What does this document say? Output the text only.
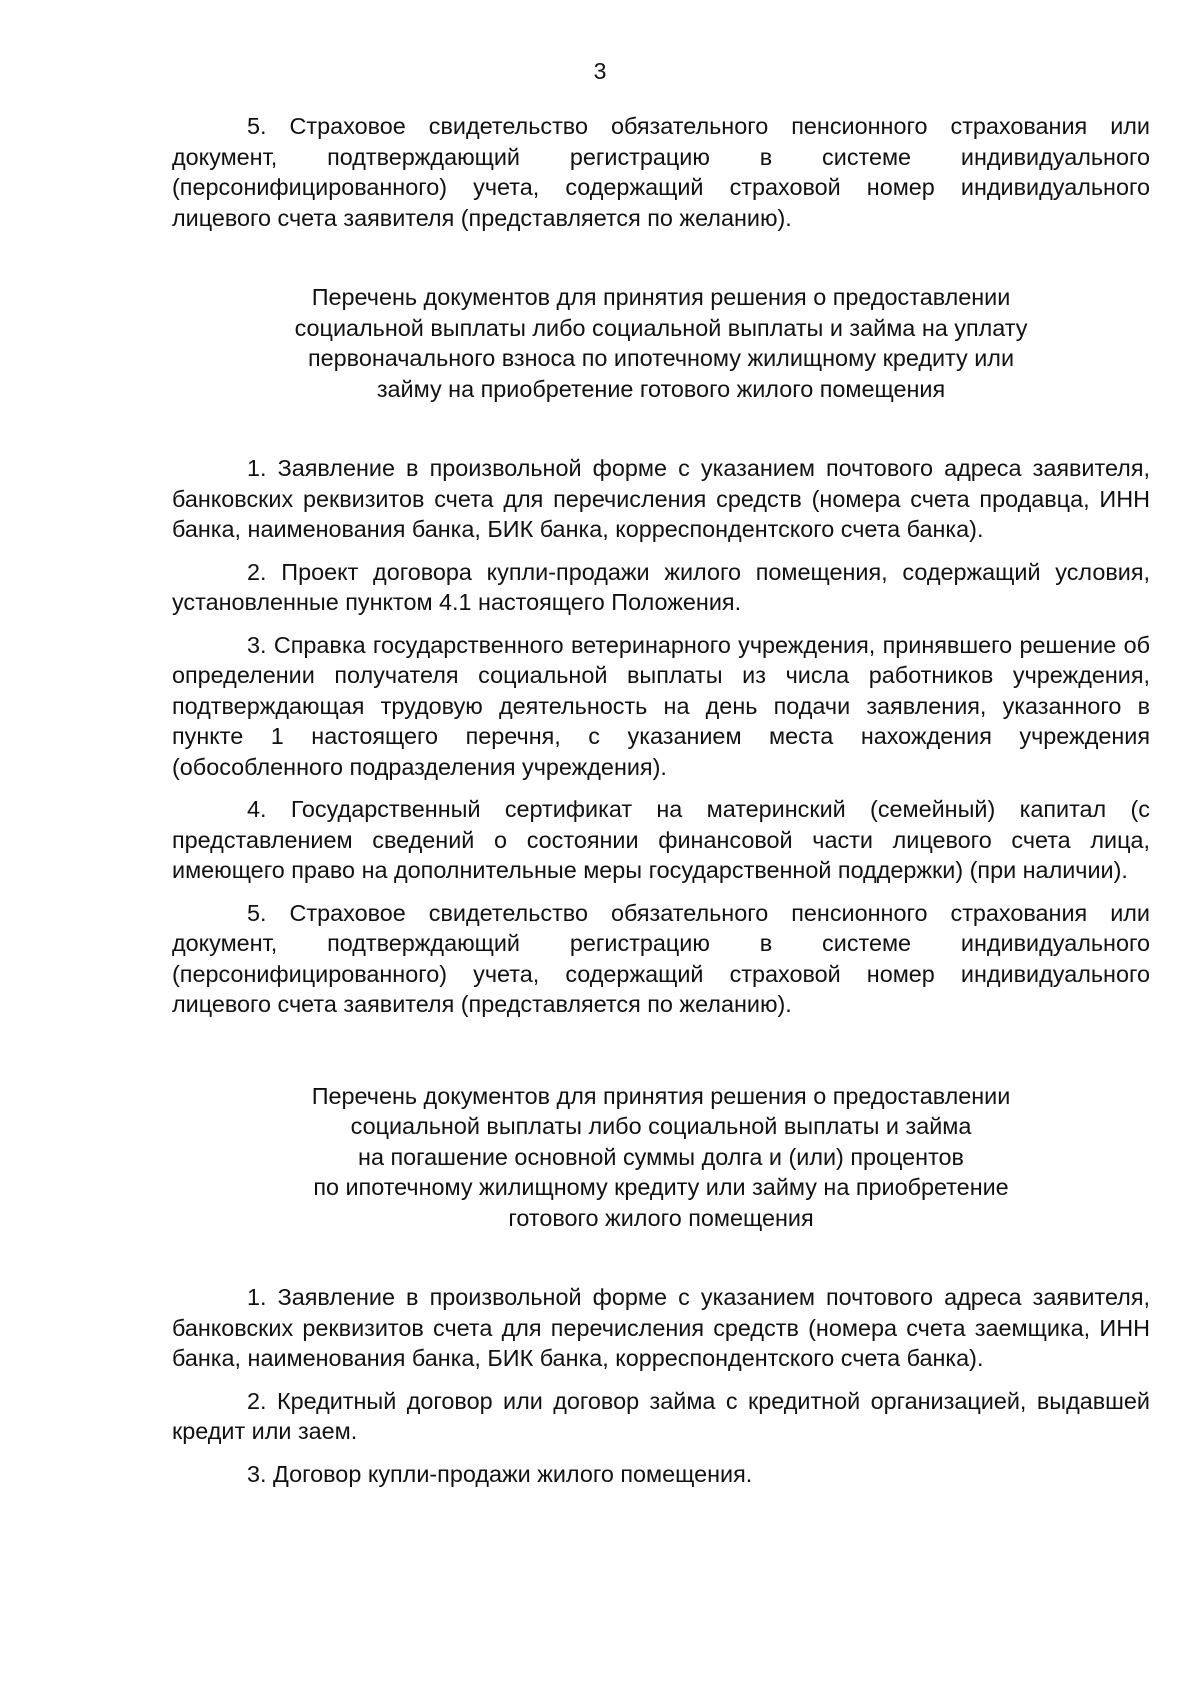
3

5. Страховое свидетельство обязательного пенсионного страхования или документ, подтверждающий регистрацию в системе индивидуального (персонифицированного) учета, содержащий страховой номер индивидуального лицевого счета заявителя (представляется по желанию).

Перечень документов для принятия решения о предоставлении
социальной выплаты либо социальной выплаты и займа на уплату
первоначального взноса по ипотечному жилищному кредиту или
займу на приобретение готового жилого помещения

1. Заявление в произвольной форме с указанием почтового адреса заявителя, банковских реквизитов счета для перечисления средств (номера счета продавца, ИНН банка, наименования банка, БИК банка, корреспондентского счета банка).

2. Проект договора купли-продажи жилого помещения, содержащий условия, установленные пунктом 4.1 настоящего Положения.

3. Справка государственного ветеринарного учреждения, принявшего решение об определении получателя социальной выплаты из числа работников учреждения, подтверждающая трудовую деятельность на день подачи заявления, указанного в пункте 1 настоящего перечня, с указанием места нахождения учреждения (обособленного подразделения учреждения).

4. Государственный сертификат на материнский (семейный) капитал (с представлением сведений о состоянии финансовой части лицевого счета лица, имеющего право на дополнительные меры государственной поддержки) (при наличии).

5. Страховое свидетельство обязательного пенсионного страхования или документ, подтверждающий регистрацию в системе индивидуального (персонифицированного) учета, содержащий страховой номер индивидуального лицевого счета заявителя (представляется по желанию).

Перечень документов для принятия решения о предоставлении
социальной выплаты либо социальной выплаты и займа
на погашение основной суммы долга и (или) процентов
по ипотечному жилищному кредиту или займу на приобретение
готового жилого помещения

1. Заявление в произвольной форме с указанием почтового адреса заявителя, банковских реквизитов счета для перечисления средств (номера счета заемщика, ИНН банка, наименования банка, БИК банка, корреспондентского счета банка).

2. Кредитный договор или договор займа с кредитной организацией, выдавшей кредит или заем.

3. Договор купли-продажи жилого помещения.
